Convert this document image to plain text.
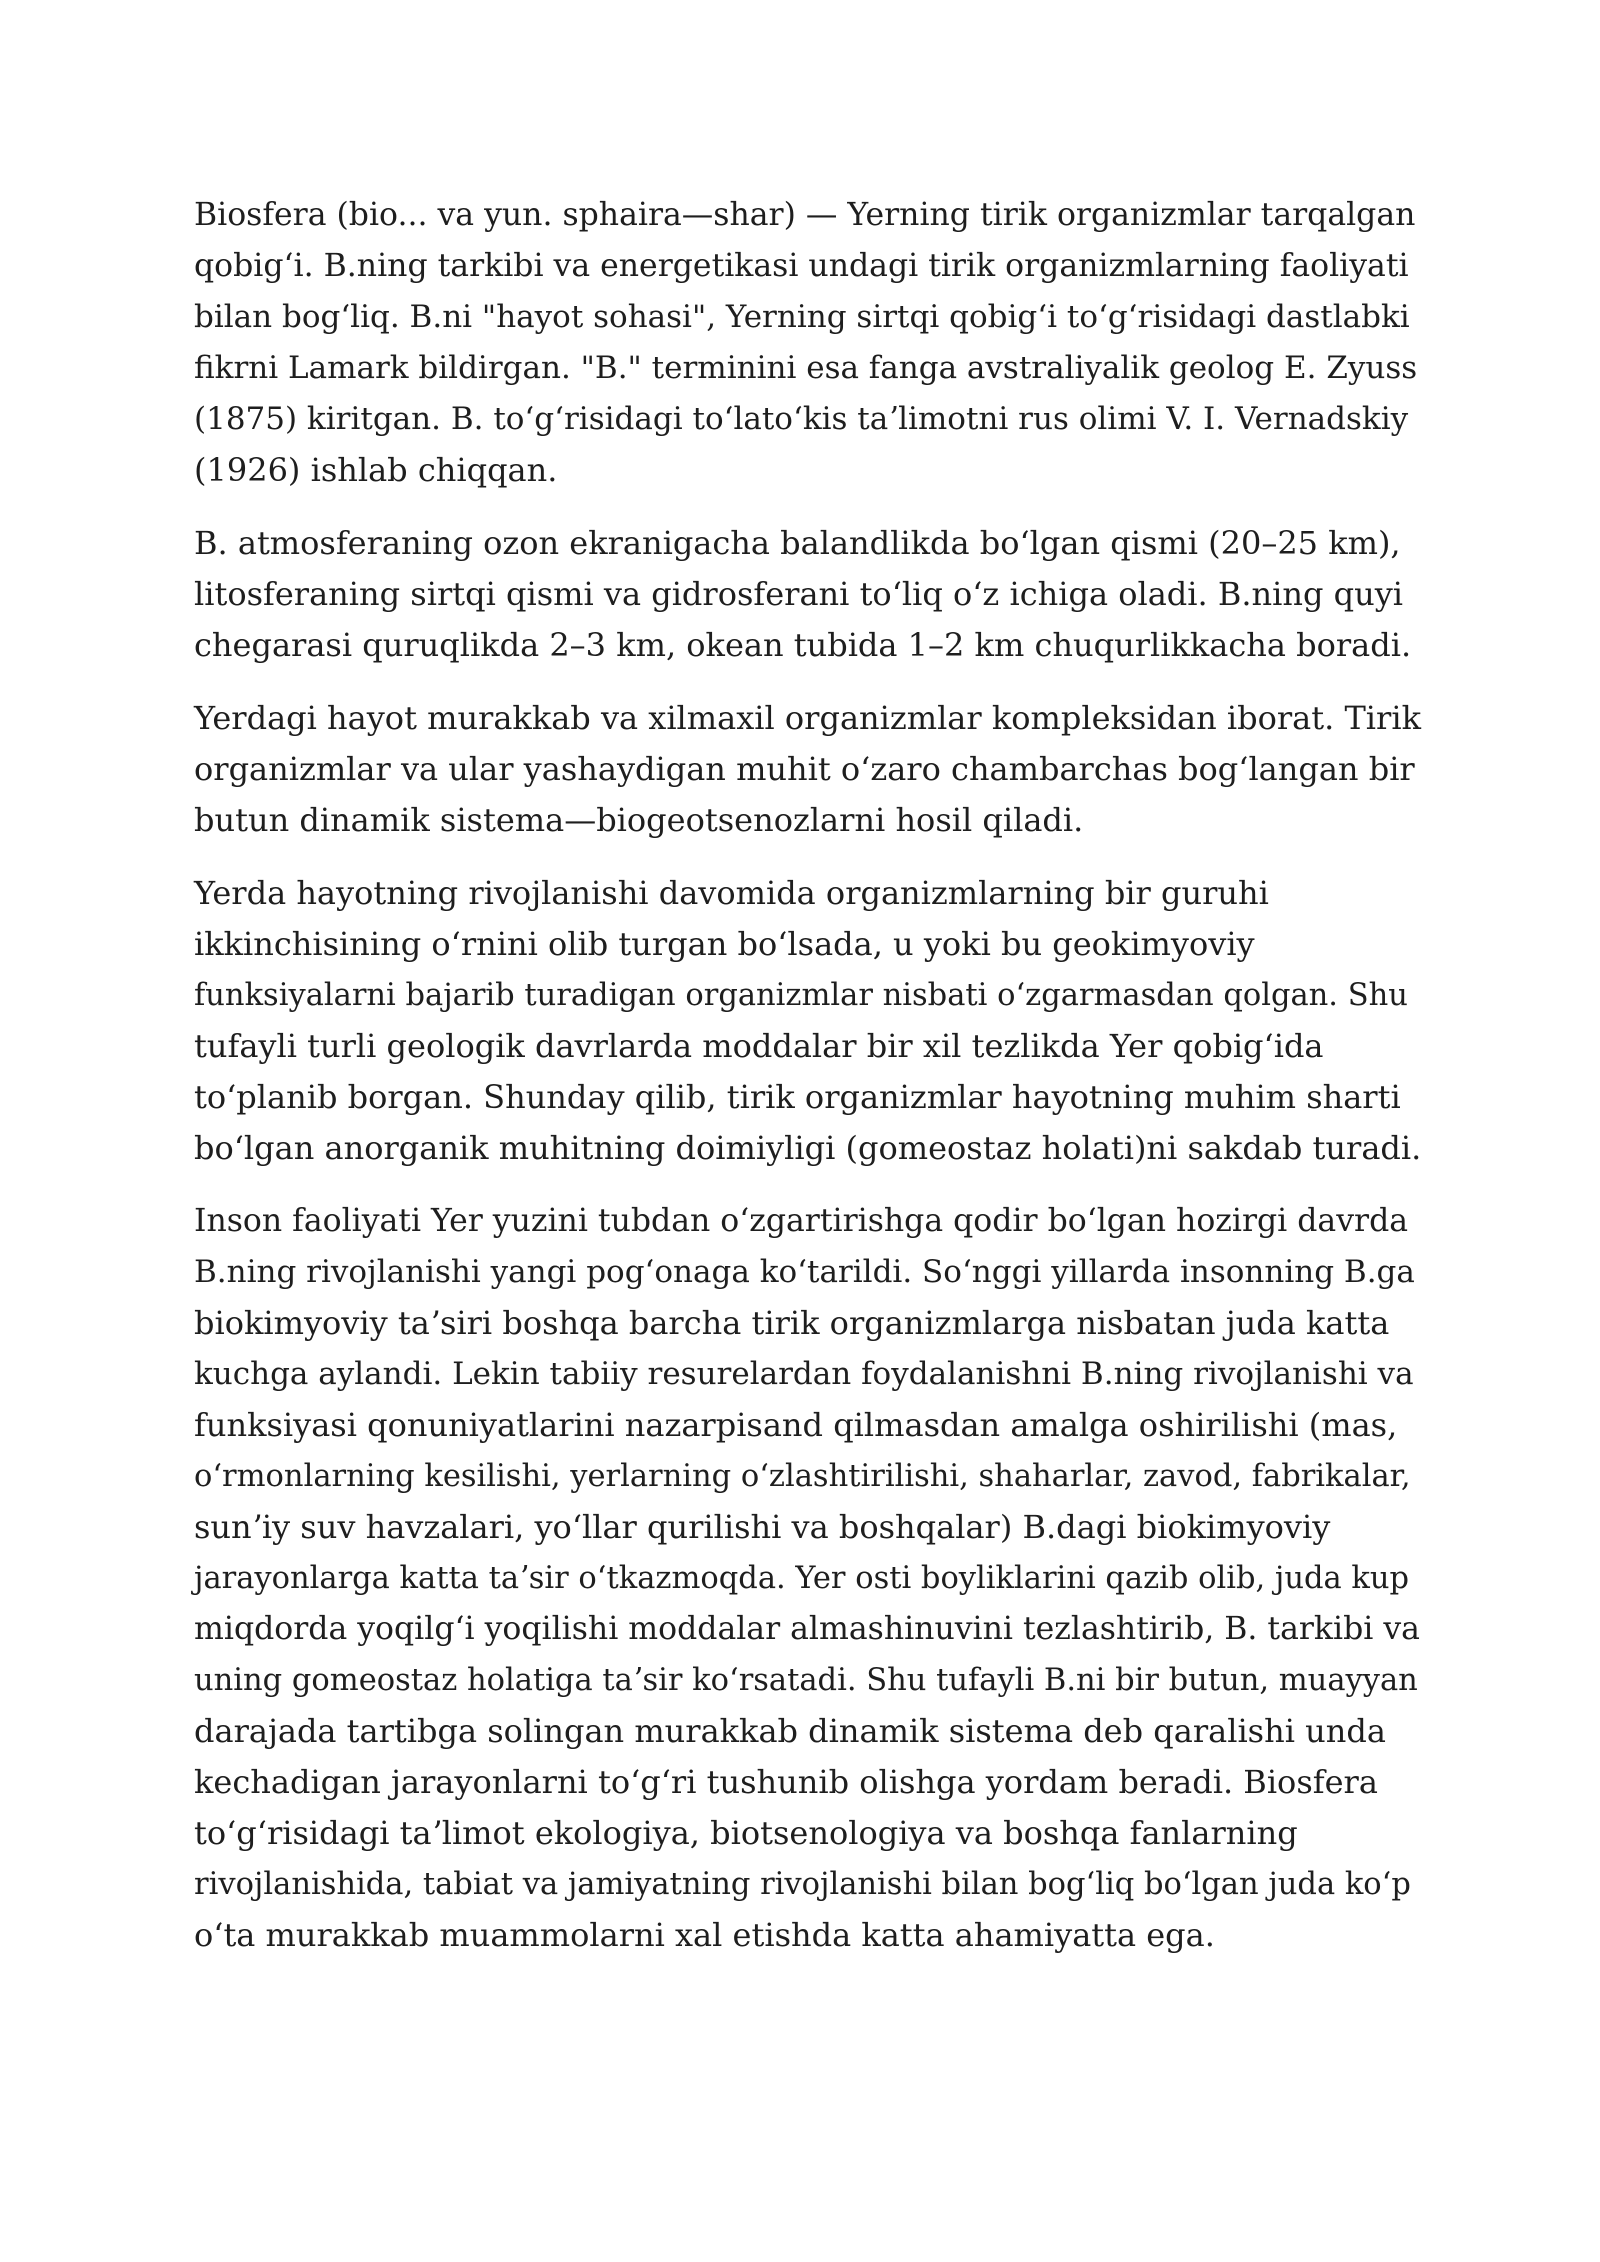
Biosfera (bio... va yun. sphaira—shar) — Yerning tirik organizmlar tarqalgan
qobigʻi. B.ning tarkibi va energetikasi undagi tirik organizmlarning faoliyati
bilan bogʻliq. B.ni "hayot sohasi", Yerning sirtqi qobigʻi toʻgʻrisidagi dastlabki
fikrni Lamark bildirgan. "B." terminini esa fanga avstraliyalik geolog E. Zyuss
(1875) kiritgan. B. toʻgʻrisidagi toʻlatoʻkis taʼlimotni rus olimi V. I. Vernadskiy
(1926) ishlab chiqqan.

B. atmosferaning ozon ekranigacha balandlikda boʻlgan qismi (20–25 km),
litosferaning sirtqi qismi va gidrosferani toʻliq oʻz ichiga oladi. B.ning quyi
chegarasi quruqlikda 2–3 km, okean tubida 1–2 km chuqurlikkacha boradi.

Yerdagi hayot murakkab va xilmaxil organizmlar kompleksidan iborat. Tirik
organizmlar va ular yashaydigan muhit oʻzaro chambarchas bogʻlangan bir
butun dinamik sistema—biogeotsenozlarni hosil qiladi.

Yerda hayotning rivojlanishi davomida organizmlarning bir guruhi
ikkinchisining oʻrnini olib turgan boʻlsada, u yoki bu geokimyoviy
funksiyalarni bajarib turadigan organizmlar nisbati oʻzgarmasdan qolgan. Shu
tufayli turli geologik davrlarda moddalar bir xil tezlikda Yer qobigʻida
toʻplanib borgan. Shunday qilib, tirik organizmlar hayotning muhim sharti
boʻlgan anorganik muhitning doimiyligi (gomeostaz holati)ni sakdab turadi.

Inson faoliyati Yer yuzini tubdan oʻzgartirishga qodir boʻlgan hozirgi davrda
B.ning rivojlanishi yangi pogʻonaga koʻtarildi. Soʻnggi yillarda insonning B.ga
biokimyoviy taʼsiri boshqa barcha tirik organizmlarga nisbatan juda katta
kuchga aylandi. Lekin tabiiy resurelardan foydalanishni B.ning rivojlanishi va
funksiyasi qonuniyatlarini nazarpisand qilmasdan amalga oshirilishi (mas,
oʻrmonlarning kesilishi, yerlarning oʻzlashtirilishi, shaharlar, zavod, fabrikalar,
sunʼiy suv havzalari, yoʻllar qurilishi va boshqalar) B.dagi biokimyoviy
jarayonlarga katta taʼsir oʻtkazmoqda. Yer osti boyliklarini qazib olib, juda kup
miqdorda yoqilgʻi yoqilishi moddalar almashinuvini tezlashtirib, B. tarkibi va
uning gomeostaz holatiga taʼsir koʻrsatadi. Shu tufayli B.ni bir butun, muayyan
darajada tartibga solingan murakkab dinamik sistema deb qaralishi unda
kechadigan jarayonlarni toʻgʻri tushunib olishga yordam beradi. Biosfera
toʻgʻrisidagi taʼlimot ekologiya, biotsenologiya va boshqa fanlarning
rivojlanishida, tabiat va jamiyatning rivojlanishi bilan bogʻliq boʻlgan juda koʻp
oʻta murakkab muammolarni xal etishda katta ahamiyatta ega.
